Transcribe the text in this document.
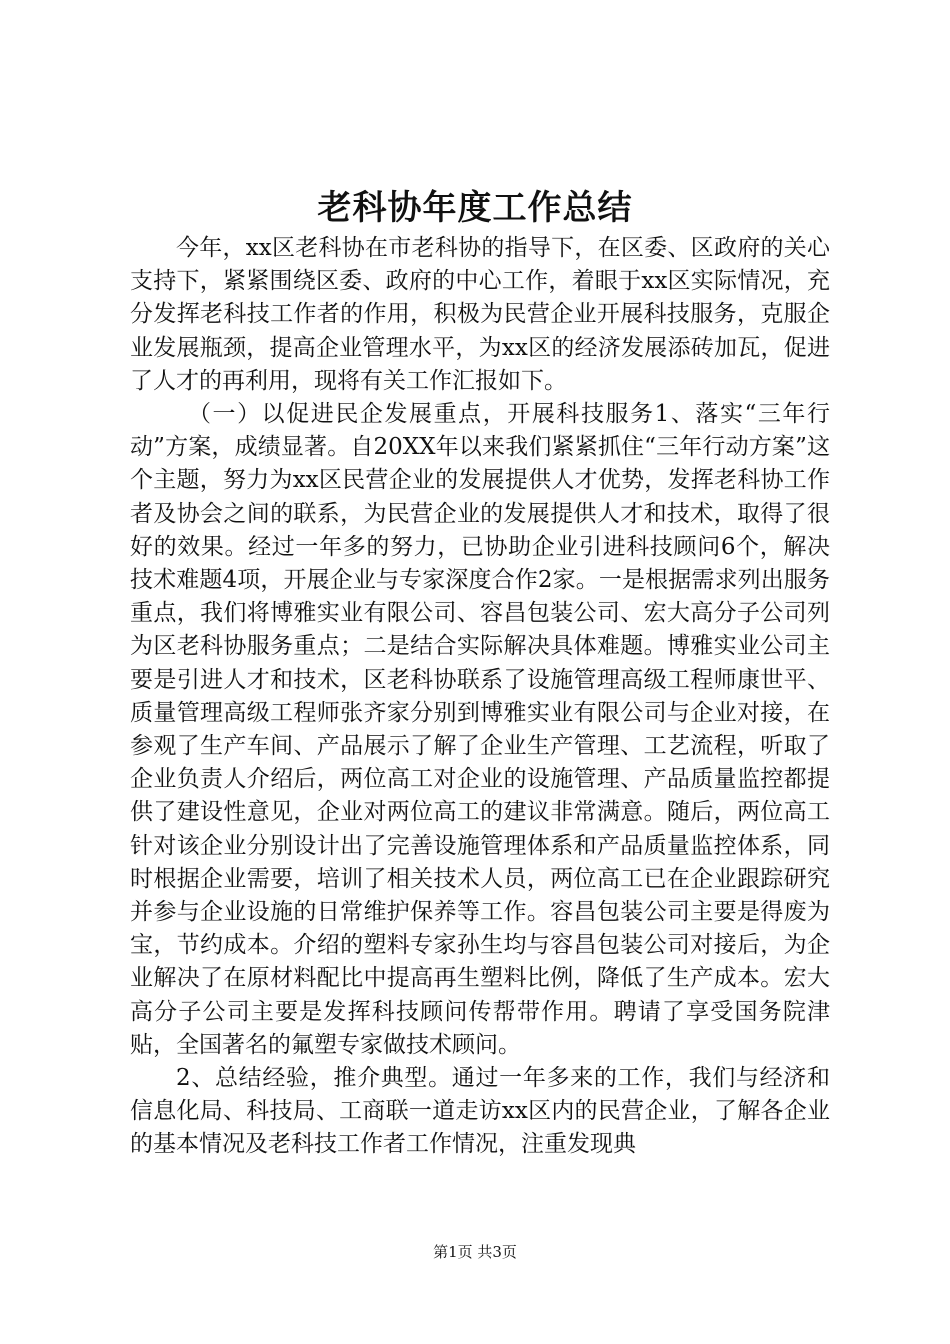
老科协年度工作总结

今年，xx区老科协在市老科协的指导下，在区委、区政府的关心支持下，紧紧围绕区委、政府的中心工作，着眼于xx区实际情况，充分发挥老科技工作者的作用，积极为民营企业开展科技服务，克服企业发展瓶颈，提高企业管理水平，为xx区的经济发展添砖加瓦，促进了人才的再利用，现将有关工作汇报如下。

（一）以促进民企发展重点，开展科技服务1、落实“三年行动”方案，成绩显著。自20XX年以来我们紧紧抓住“三年行动方案”这个主题，努力为xx区民营企业的发展提供人才优势，发挥老科协工作者及协会之间的联系，为民营企业的发展提供人才和技术，取得了很好的效果。经过一年多的努力，已协助企业引进科技顾问6个，解决技术难题4项，开展企业与专家深度合作2家。一是根据需求列出服务重点，我们将博雅实业有限公司、容昌包装公司、宏大高分子公司列为区老科协服务重点；二是结合实际解决具体难题。博雅实业公司主要是引进人才和技术，区老科协联系了设施管理高级工程师康世平、质量管理高级工程师张齐家分别到博雅实业有限公司与企业对接，在参观了生产车间、产品展示了解了企业生产管理、工艺流程，听取了企业负责人介绍后，两位高工对企业的设施管理、产品质量监控都提供了建设性意见，企业对两位高工的建议非常满意。随后，两位高工针对该企业分别设计出了完善设施管理体系和产品质量监控体系，同时根据企业需要，培训了相关技术人员，两位高工已在企业跟踪研究并参与企业设施的日常维护保养等工作。容昌包装公司主要是得废为宝，节约成本。介绍的塑料专家孙生均与容昌包装公司对接后，为企业解决了在原材料配比中提高再生塑料比例，降低了生产成本。宏大高分子公司主要是发挥科技顾问传帮带作用。聘请了享受国务院津贴，全国著名的氟塑专家做技术顾问。

2、总结经验，推介典型。通过一年多来的工作，我们与经济和信息化局、科技局、工商联一道走访xx区内的民营企业，了解各企业的基本情况及老科技工作者工作情况，注重发现典

第1页 共3页
